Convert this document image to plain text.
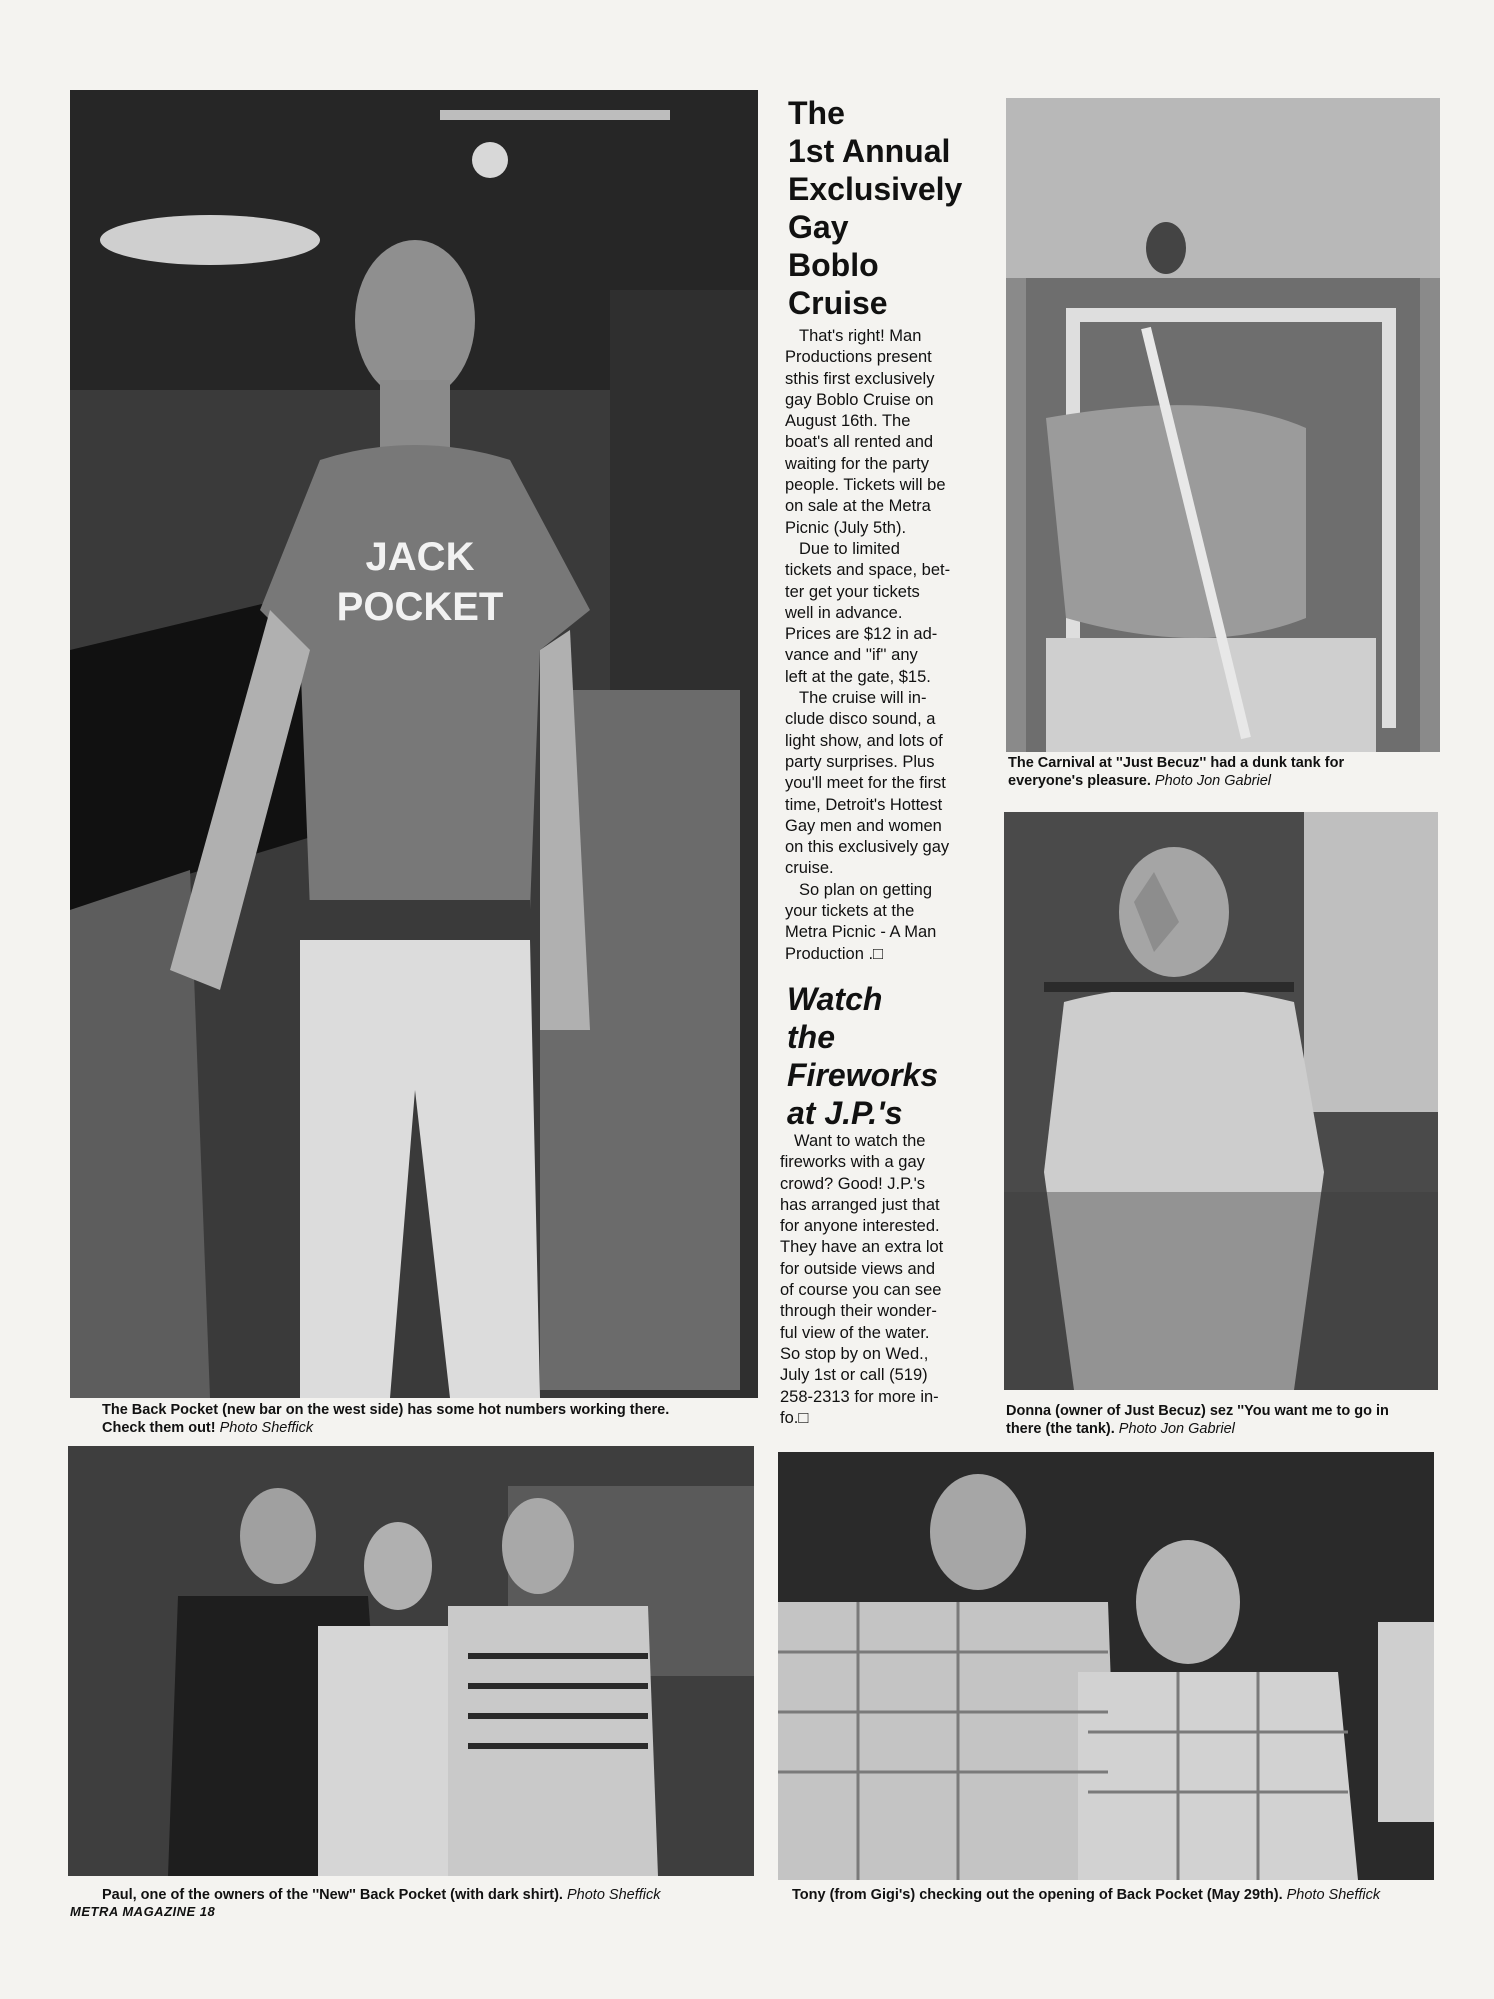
JACK
POCKET

The Back Pocket (new bar on the west side) has some hot numbers working there.
Check them out! Photo Sheffick

The
1st Annual
Exclusively
Gay
Boblo
Cruise
That's right! Man
Productions present
sthis first exclusively
gay Boblo Cruise on
August 16th. The
boat's all rented and
waiting for the party
people. Tickets will be
on sale at the Metra
Picnic (July 5th).
Due to limited
tickets and space, bet-
ter get your tickets
well in advance.
Prices are $12 in ad-
vance and ''if'' any
left at the gate, $15.
The cruise will in-
clude disco sound, a
light show, and lots of
party surprises. Plus
you'll meet for the first
time, Detroit's Hottest
Gay men and women
on this exclusively gay
cruise.
So plan on getting
your tickets at the
Metra Picnic - A Man
Production .□
Watch
the
Fireworks
at J.P.'s
Want to watch the
fireworks with a gay
crowd? Good! J.P.'s
has arranged just that
for anyone interested.
They have an extra lot
for outside views and
of course you can see
through their wonder-
ful view of the water.
So stop by on Wed.,
July 1st or call (519)
258-2313 for more in-
fo.□

The Carnival at ''Just Becuz'' had a dunk tank for
everyone's pleasure. Photo Jon Gabriel

Donna (owner of Just Becuz) sez ''You want me to go in
there (the tank). Photo Jon Gabriel

Paul, one of the owners of the ''New'' Back Pocket (with dark shirt). Photo Sheffick	Tony (from Gigi's) checking out the opening of Back Pocket (May 29th). Photo Sheffick

METRA MAGAZINE 18
